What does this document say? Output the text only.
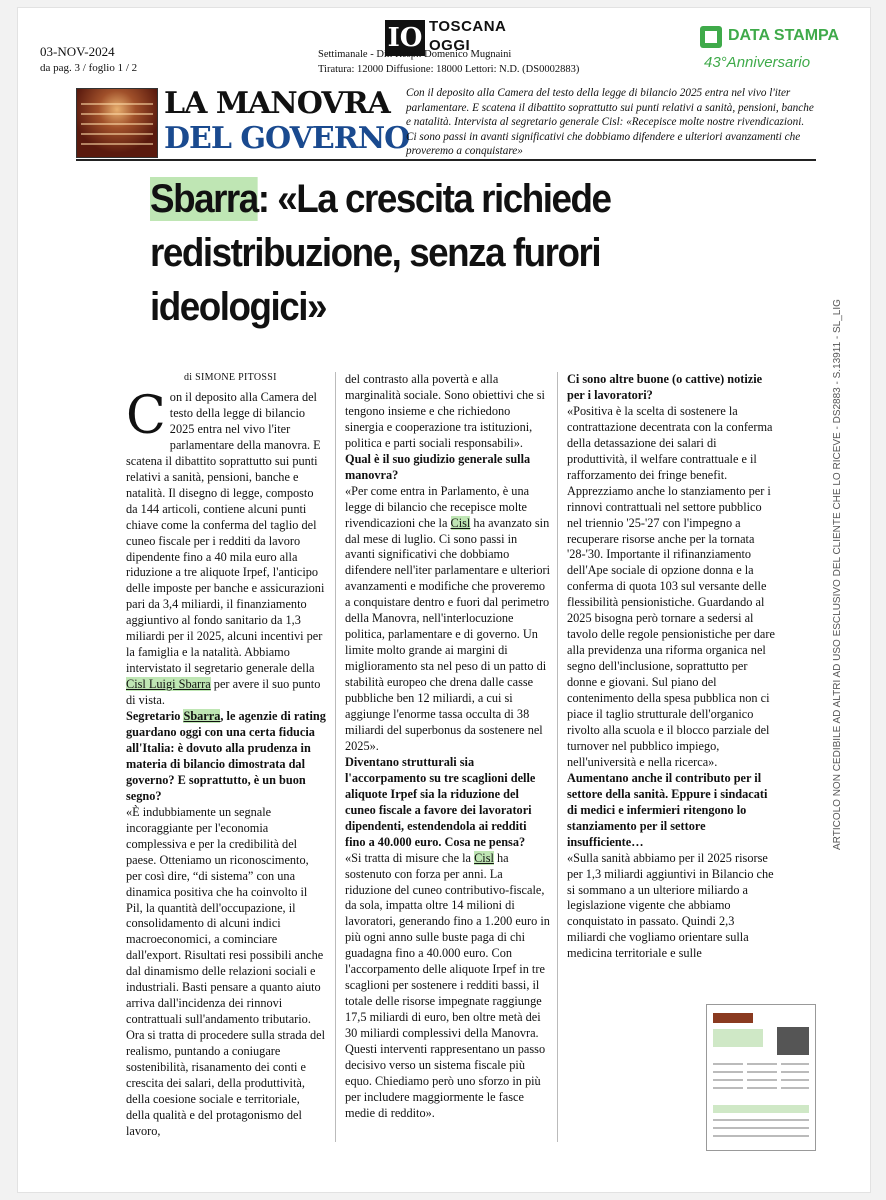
03-NOV-2024
da pag. 3 / foglio 1 / 2
IO TOSCANA
OGGI
Settimanale - Dir. Resp.: Domenico Mugnaini
Tiratura: 12000 Diffusione: 18000 Lettori: N.D. (DS0002883)
DATA STAMPA
43°Anniversario
LA MANOVRA
DEL GOVERNO
Con il deposito alla Camera del testo della legge di bilancio 2025 entra nel vivo l'iter parlamentare. E scatena il dibattito soprattutto sui punti relativi a sanità, pensioni, banche e natalità. Intervista al segretario generale Cisl: «Recepisce molte nostre rivendicazioni. Ci sono passi in avanti significativi che dobbiamo difendere e ulteriori avanzamenti che proveremo a conquistare»
Sbarra: «La crescita richiede redistribuzione, senza furori ideologici»
di SIMONE PITOSSI

Con il deposito alla Camera del testo della legge di bilancio 2025 entra nel vivo l'iter parlamentare della manovra. E scatena il dibattito soprattutto sui punti relativi a sanità, pensioni, banche e natalità. Il disegno di legge, composto da 144 articoli, contiene alcuni punti chiave come la conferma del taglio del cuneo fiscale per i redditi da lavoro dipendente fino a 40 mila euro alla riduzione a tre aliquote Irpef, l'anticipo delle imposte per banche e assicurazioni pari da 3,4 miliardi, il finanziamento aggiuntivo al fondo sanitario da 1,3 miliardi per il 2025, alcuni incentivi per la famiglia e la natalità. Abbiamo intervistato il segretario generale della Cisl Luigi Sbarra per avere il suo punto di vista.

Segretario Sbarra, le agenzie di rating guardano oggi con una certa fiducia all'Italia: è dovuto alla prudenza in materia di bilancio dimostrata dal governo? E soprattutto, è un buon segno?

«È indubbiamente un segnale incoraggiante per l'economia complessiva e per la credibilità del paese. Otteniamo un riconoscimento, per così dire, “di sistema” con una dinamica positiva che ha coinvolto il Pil, la quantità dell'occupazione, il consolidamento di alcuni indici macroeconomici, a cominciare dall'export. Risultati resi possibili anche dal dinamismo delle relazioni sociali e industriali. Basti pensare a quanto aiuto arriva dall'incidenza dei rinnovi contrattuali sull'andamento tributario. Ora si tratta di procedere sulla strada del realismo, puntando a coniugare sostenibilità, risanamento dei conti e crescita dei salari, della produttività, della coesione sociale e territoriale, della qualità e del protagonismo del lavoro,

del contrasto alla povertà e alla marginalità sociale. Sono obiettivi che si tengono insieme e che richiedono sinergia e cooperazione tra istituzioni, politica e parti sociali responsabili».

Qual è il suo giudizio generale sulla manovra?

«Per come entra in Parlamento, è una legge di bilancio che recepisce molte rivendicazioni che la Cisl ha avanzato sin dal mese di luglio. Ci sono passi in avanti significativi che dobbiamo difendere nell'iter parlamentare e ulteriori avanzamenti e modifiche che proveremo a conquistare dentro e fuori dal perimetro della Manovra, nell'interlocuzione politica, parlamentare e di governo. Un limite molto grande ai margini di miglioramento sta nel peso di un patto di stabilità europeo che drena dalle casse pubbliche ben 12 miliardi, a cui si aggiunge l'enorme tassa occulta di 38 miliardi del superbonus da sostenere nel 2025».

Diventano strutturali sia l'accorpamento su tre scaglioni delle aliquote Irpef sia la riduzione del cuneo fiscale a favore dei lavoratori dipendenti, estendendola ai redditi fino a 40.000 euro. Cosa ne pensa?

«Si tratta di misure che la Cisl ha sostenuto con forza per anni. La riduzione del cuneo contributivo-fiscale, da sola, impatta oltre 14 milioni di lavoratori, generando fino a 1.200 euro in più ogni anno sulle buste paga di chi guadagna fino a 40.000 euro. Con l'accorpamento delle aliquote Irpef in tre scaglioni per sostenere i redditi bassi, il totale delle risorse impegnate raggiunge 17,5 miliardi di euro, ben oltre metà dei 30 miliardi complessivi della Manovra. Questi interventi rappresentano un passo decisivo verso un sistema fiscale più equo. Chiediamo però uno sforzo in più per includere maggiormente le fasce medie di reddito».

Ci sono altre buone (o cattive) notizie per i lavoratori?

«Positiva è la scelta di sostenere la contrattazione decentrata con la conferma della detassazione dei salari di produttività, il welfare contrattuale e il rafforzamento dei fringe benefit. Apprezziamo anche lo stanziamento per i rinnovi contrattuali nel settore pubblico nel triennio '25-'27 con l'impegno a recuperare risorse anche per la tornata '28-'30. Importante il rifinanziamento dell'Ape sociale di opzione donna e la conferma di quota 103 sul versante delle flessibilità pensionistiche. Guardando al 2025 bisogna però tornare a sedersi al tavolo delle regole pensionistiche per dare alla previdenza una riforma organica nel segno dell'inclusione, soprattutto per donne e giovani. Sul piano del contenimento della spesa pubblica non ci piace il taglio strutturale dell'organico rivolto alla scuola e il blocco parziale del turnover nel pubblico impiego, nell'università e nella ricerca».

Aumentano anche il contributo per il settore della sanità. Eppure i sindacati di medici e infermieri ritengono lo stanziamento per il settore insufficiente…

«Sulla sanità abbiamo per il 2025 risorse per 1,3 miliardi aggiuntivi in Bilancio che si sommano a un ulteriore miliardo a legislazione vigente che abbiamo conquistato in passato. Quindi 2,3 miliardi che vogliamo orientare sulla medicina territoriale e sulle

ARTICOLO NON CEDIBILE AD ALTRI AD USO ESCLUSIVO DEL CLIENTE CHE LO RICEVE - DS2883 - S.13911 - SL_LIG
